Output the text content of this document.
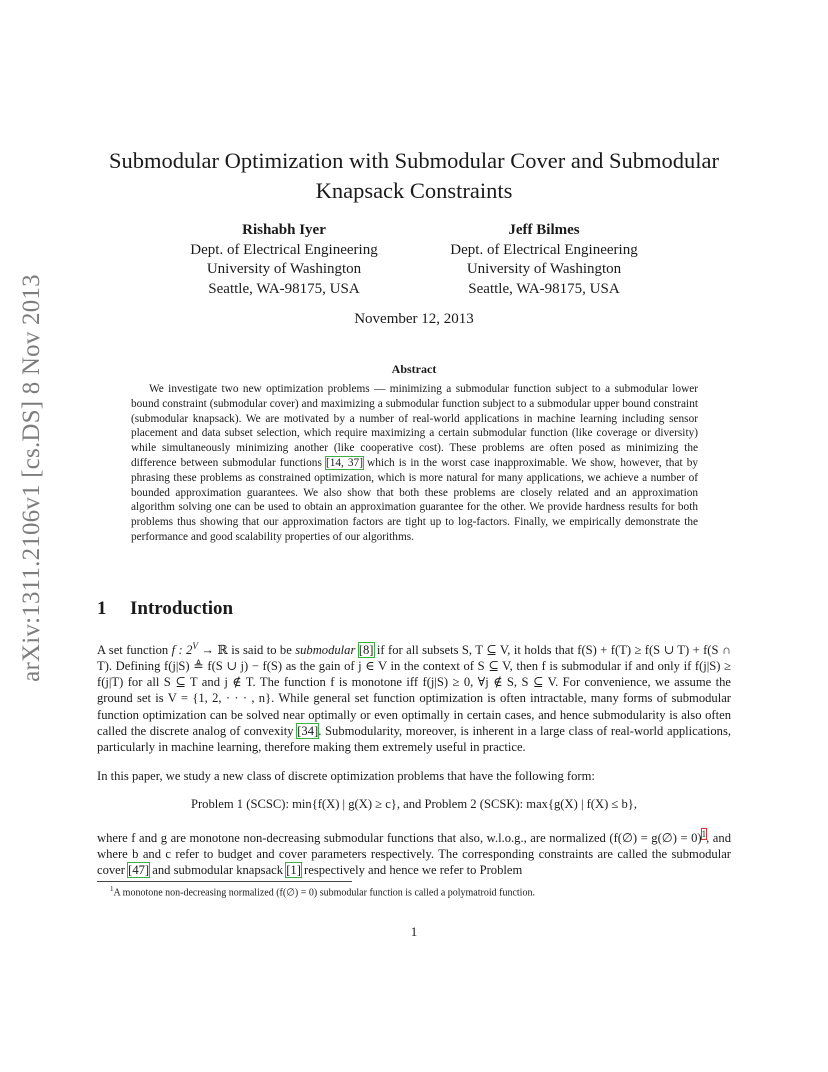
arXiv:1311.2106v1 [cs.DS] 8 Nov 2013
Submodular Optimization with Submodular Cover and Submodular
Knapsack Constraints
Rishabh Iyer
Dept. of Electrical Engineering
University of Washington
Seattle, WA-98175, USA
Jeff Bilmes
Dept. of Electrical Engineering
University of Washington
Seattle, WA-98175, USA
November 12, 2013
Abstract
We investigate two new optimization problems — minimizing a submodular function subject to a submodular lower bound constraint (submodular cover) and maximizing a submodular function subject to a submodular upper bound constraint (submodular knapsack). We are motivated by a number of real-world applications in machine learning including sensor placement and data subset selection, which require maximizing a certain submodular function (like coverage or diversity) while simultaneously minimizing another (like cooperative cost). These problems are often posed as minimizing the difference between submodular functions [14, 37] which is in the worst case inapproximable. We show, however, that by phrasing these problems as constrained optimization, which is more natural for many applications, we achieve a number of bounded approximation guarantees. We also show that both these problems are closely related and an approximation algorithm solving one can be used to obtain an approximation guarantee for the other. We provide hardness results for both problems thus showing that our approximation factors are tight up to log-factors. Finally, we empirically demonstrate the performance and good scalability properties of our algorithms.
1 Introduction
A set function f : $2^V$ → ℝ is said to be submodular [8] if for all subsets S, T ⊆ V, it holds that f(S) + f(T) ≥ f(S ∪ T) + f(S ∩ T). Defining f(j|S) ≜ f(S ∪ j) − f(S) as the gain of j ∈ V in the context of S ⊆ V, then f is submodular if and only if f(j|S) ≥ f(j|T) for all S ⊆ T and j ∉ T. The function f is monotone iff f(j|S) ≥ 0, ∀j ∉ S, S ⊆ V. For convenience, we assume the ground set is V = {1, 2, · · · , n}. While general set function optimization is often intractable, many forms of submodular function optimization can be solved near optimally or even optimally in certain cases, and hence submodularity is also often called the discrete analog of convexity [34]. Submodularity, moreover, is inherent in a large class of real-world applications, particularly in machine learning, therefore making them extremely useful in practice.
In this paper, we study a new class of discrete optimization problems that have the following form:
Problem 1 (SCSC): min{f(X) | g(X) ≥ c}, and Problem 2 (SCSK): max{g(X) | f(X) ≤ b},
where f and g are monotone non-decreasing submodular functions that also, w.l.o.g., are normalized (f(∅) = g(∅) = 0)$^1$, and where b and c refer to budget and cover parameters respectively. The corresponding constraints are called the submodular cover [47] and submodular knapsack [1] respectively and hence we refer to Problem
$^1$A monotone non-decreasing normalized (f(∅) = 0) submodular function is called a polymatroid function.
1
